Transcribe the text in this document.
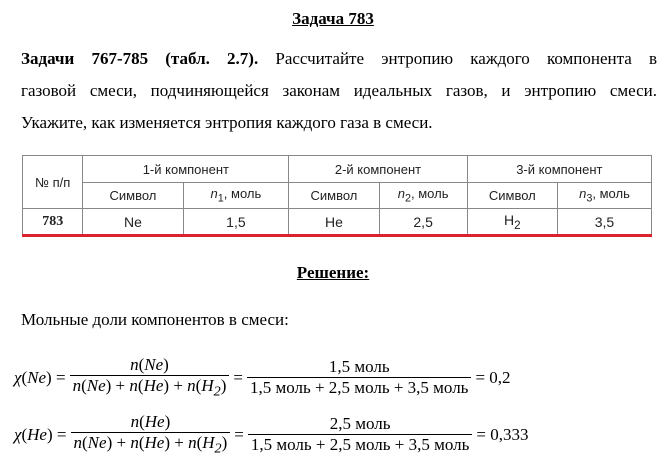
Задача 783
Задачи 767-785 (табл. 2.7). Рассчитайте энтропию каждого компонента в
газовой смеси, подчиняющейся законам идеальных газов, и энтропию смеси.
Укажите, как изменяется энтропия каждого газа в смеси.
№ п/п	1-й компонент		2-й компонент		3-й компонент	
	Символ	$n_1$, моль	Символ	$n_2$, моль	Символ	$n_3$, моль
783	Ne	1,5	He	2,5	$H_2$	3,5
Решение:
Мольные доли компонентов в смеси:
$\chi(Ne) = \frac{n(Ne)}{n(Ne) + n(He) + n(H_2)} = \frac{\text{1,5 моль}}{\text{1,5 моль + 2,5 моль + 3,5 моль}} = 0,2$
$\chi(He) = \frac{n(He)}{n(Ne) + n(He) + n(H_2)} = \frac{\text{2,5 моль}}{\text{1,5 моль + 2,5 моль + 3,5 моль}} = 0,333$
